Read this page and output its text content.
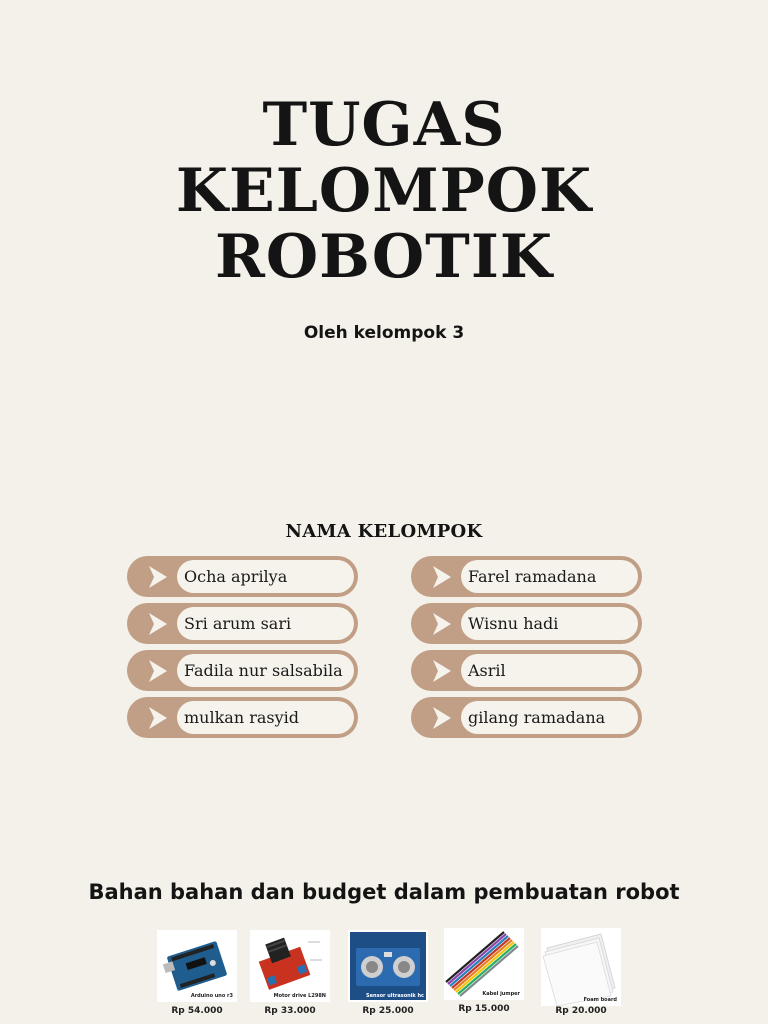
TUGAS
KELOMPOK
ROBOTIK
Oleh kelompok 3
NAMA KELOMPOK
Ocha aprilya
Sri arum sari
Fadila nur salsabila
mulkan rasyid
Farel ramadana
Wisnu hadi
Asril
gilang ramadana
Bahan bahan dan budget dalam pembuatan robot
Arduino uno r3
Rp 54.000
Motor drive L298N
Rp 33.000
Sensor ultrasonik hc
Rp 25.000
Kabel jumper
Rp 15.000
Foam board
Rp 20.000
